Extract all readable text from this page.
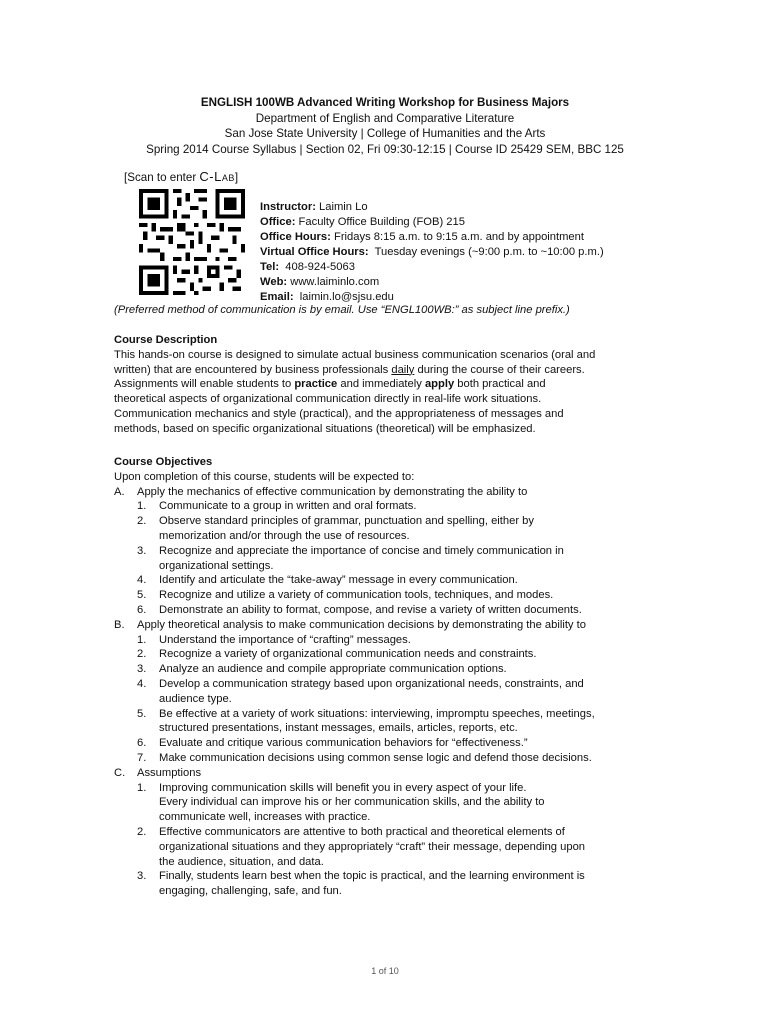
ENGLISH 100WB Advanced Writing Workshop for Business Majors
Department of English and Comparative Literature
San Jose State University | College of Humanities and the Arts
Spring 2014 Course Syllabus | Section 02, Fri 09:30-12:15 | Course ID 25429 SEM, BBC 125
[Scan to enter C-Lab]
Instructor: Laimin Lo
Office: Faculty Office Building (FOB) 215
Office Hours: Fridays 8:15 a.m. to 9:15 a.m. and by appointment
Virtual Office Hours:  Tuesday evenings (~9:00 p.m. to ~10:00 p.m.)
Tel:  408-924-5063
Web: www.laiminlo.com
Email:  laimin.lo@sjsu.edu
(Preferred method of communication is by email. Use “ENGL100WB:” as subject line prefix.)
Course Description
This hands-on course is designed to simulate actual business communication scenarios (oral and
written) that are encountered by business professionals daily during the course of their careers.
Assignments will enable students to practice and immediately apply both practical and
theoretical aspects of organizational communication directly in real-life work situations.
Communication mechanics and style (practical), and the appropriateness of messages and
methods, based on specific organizational situations (theoretical) will be emphasized.
Course Objectives
Upon completion of this course, students will be expected to:
A.	Apply the mechanics of effective communication by demonstrating the ability to
1.	Communicate to a group in written and oral formats.
2.	Observe standard principles of grammar, punctuation and spelling, either by
memorization and/or through the use of resources.
3.	Recognize and appreciate the importance of concise and timely communication in
organizational settings.
4.	Identify and articulate the “take-away” message in every communication.
5.	Recognize and utilize a variety of communication tools, techniques, and modes.
6.	Demonstrate an ability to format, compose, and revise a variety of written documents.
B.	Apply theoretical analysis to make communication decisions by demonstrating the ability to
1.	Understand the importance of “crafting” messages.
2.	Recognize a variety of organizational communication needs and constraints.
3.	Analyze an audience and compile appropriate communication options.
4.	Develop a communication strategy based upon organizational needs, constraints, and
audience type.
5.	Be effective at a variety of work situations: interviewing, impromptu speeches, meetings,
structured presentations, instant messages, emails, articles, reports, etc.
6.	Evaluate and critique various communication behaviors for “effectiveness.”
7.	Make communication decisions using common sense logic and defend those decisions.
C.	Assumptions
1.	Improving communication skills will benefit you in every aspect of your life.
Every individual can improve his or her communication skills, and the ability to
communicate well, increases with practice.
2.	Effective communicators are attentive to both practical and theoretical elements of
organizational situations and they appropriately “craft” their message, depending upon
the audience, situation, and data.
3.	Finally, students learn best when the topic is practical, and the learning environment is
engaging, challenging, safe, and fun.
1 of 10
